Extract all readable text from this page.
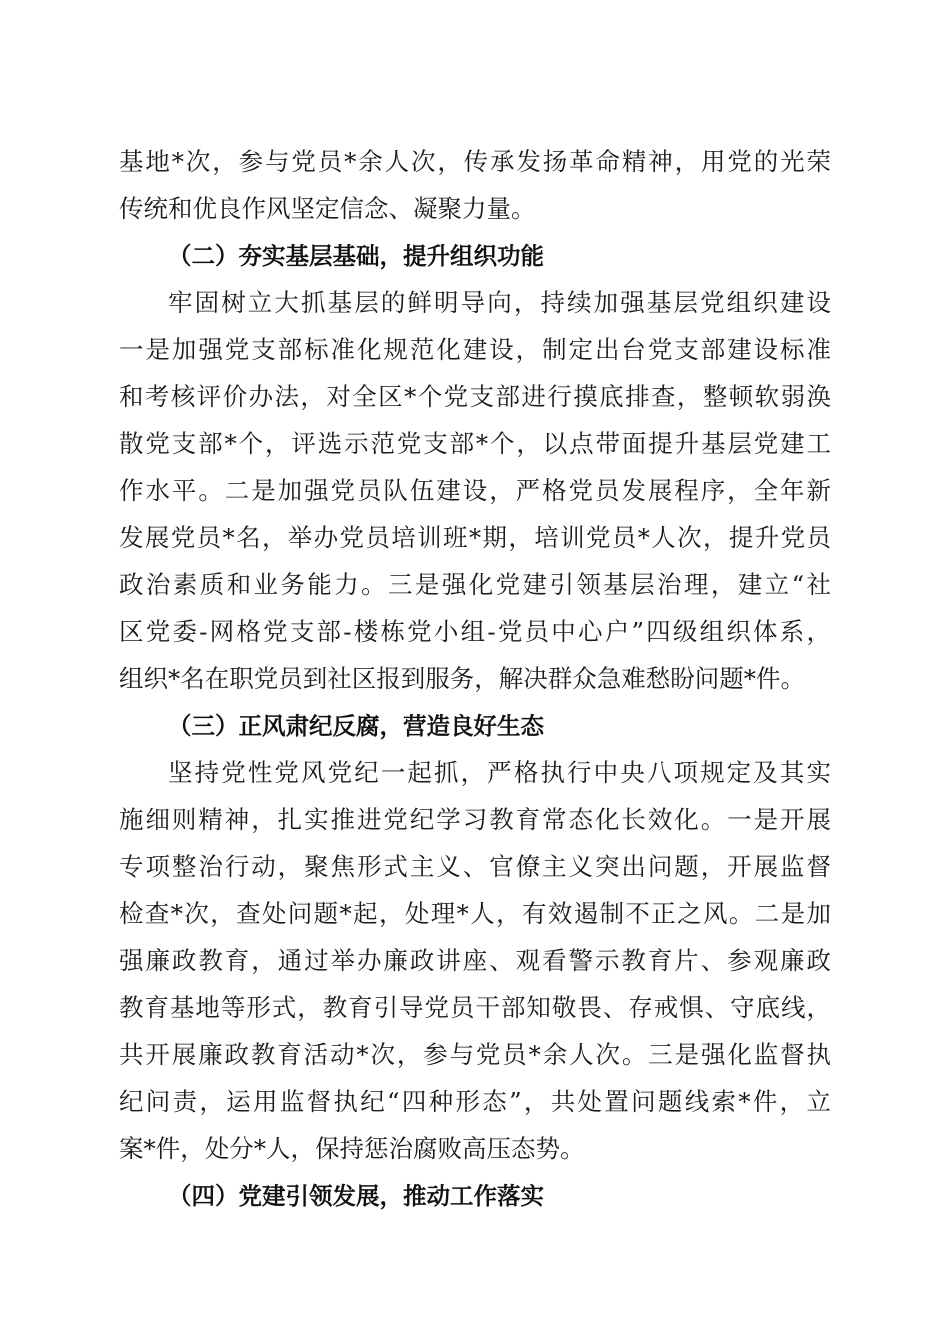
基地*次，参与党员*余人次，传承发扬革命精神，用党的光荣
传统和优良作风坚定信念、凝聚力量。
（二）夯实基层基础，提升组织功能
牢固树立大抓基层的鲜明导向，持续加强基层党组织建设
一是加强党支部标准化规范化建设，制定出台党支部建设标准
和考核评价办法，对全区*个党支部进行摸底排查，整顿软弱涣
散党支部*个，评选示范党支部*个，以点带面提升基层党建工
作水平。二是加强党员队伍建设，严格党员发展程序，全年新
发展党员*名，举办党员培训班*期，培训党员*人次，提升党员
政治素质和业务能力。三是强化党建引领基层治理，建立“社
区党委-网格党支部-楼栋党小组-党员中心户”四级组织体系，
组织*名在职党员到社区报到服务，解决群众急难愁盼问题*件。
（三）正风肃纪反腐，营造良好生态
坚持党性党风党纪一起抓，严格执行中央八项规定及其实
施细则精神，扎实推进党纪学习教育常态化长效化。一是开展
专项整治行动，聚焦形式主义、官僚主义突出问题，开展监督
检查*次，查处问题*起，处理*人，有效遏制不正之风。二是加
强廉政教育，通过举办廉政讲座、观看警示教育片、参观廉政
教育基地等形式，教育引导党员干部知敬畏、存戒惧、守底线，
共开展廉政教育活动*次，参与党员*余人次。三是强化监督执
纪问责，运用监督执纪“四种形态”，共处置问题线索*件，立
案*件，处分*人，保持惩治腐败高压态势。
（四）党建引领发展，推动工作落实
